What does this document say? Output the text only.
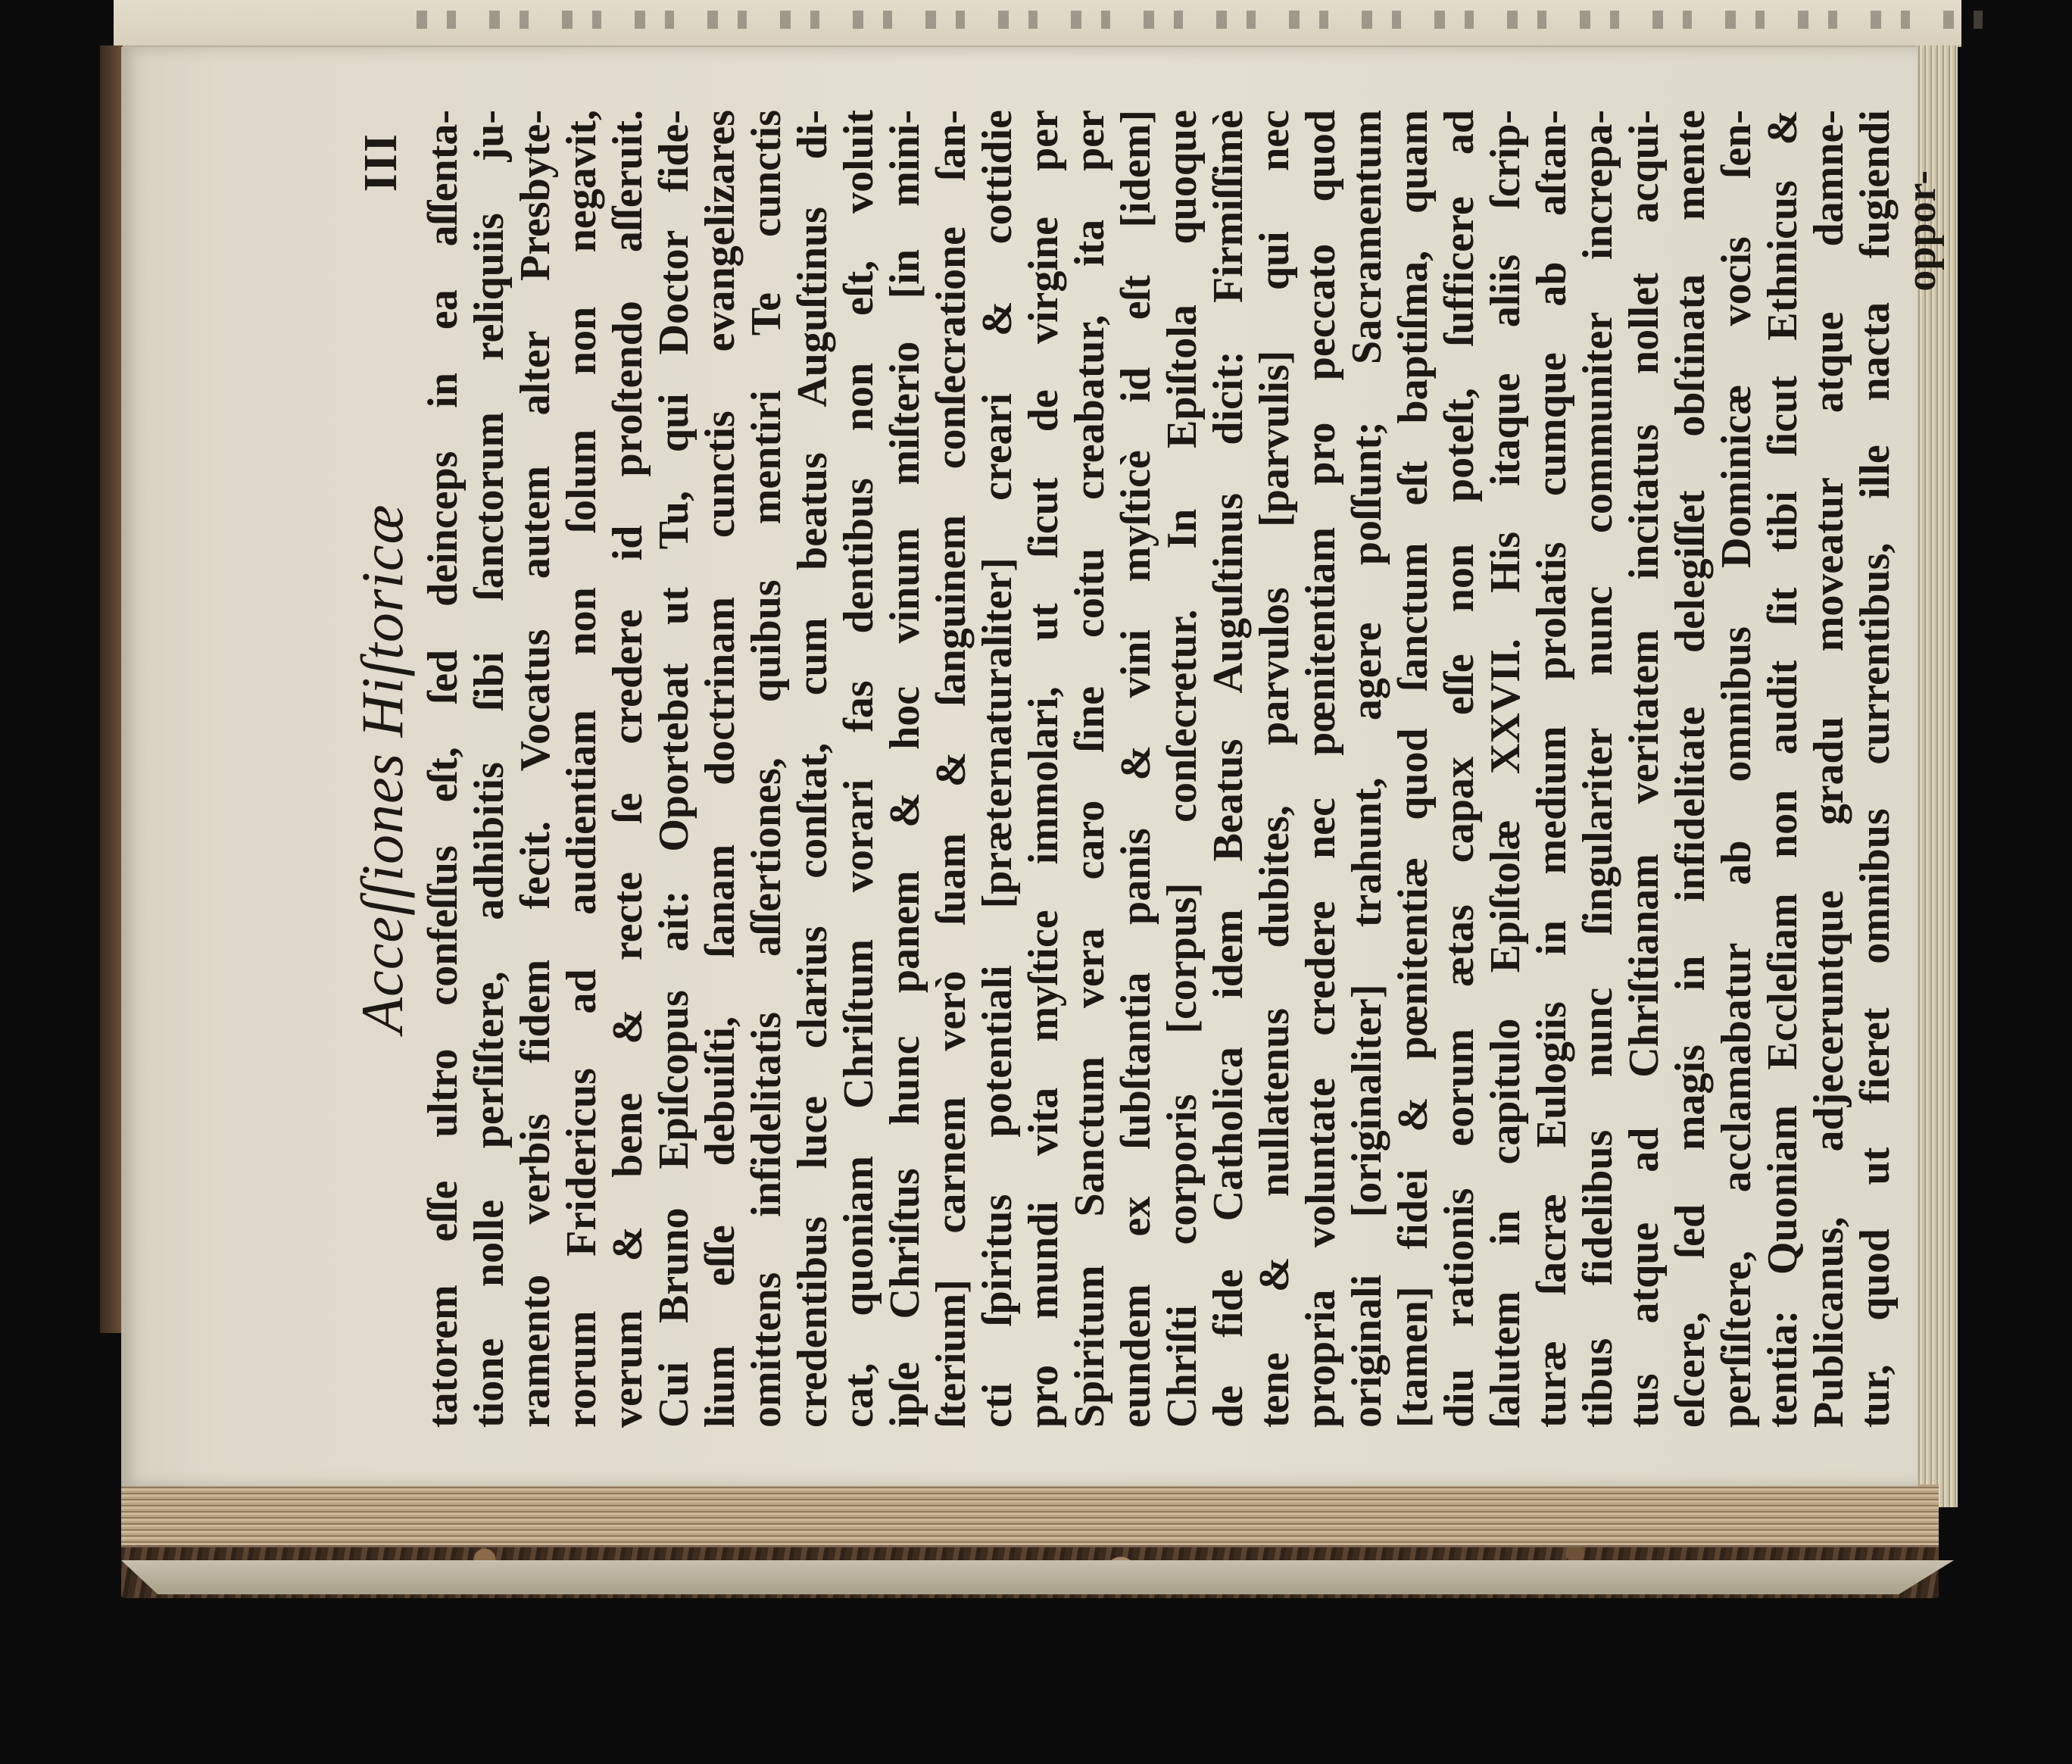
Acceſſiones Hiſtoricæ
III tatorem eſſe ultro confeſſus eſt, ſed deinceps in ea aſſenta- tione nolle perſiſtere, adhibitis ſibi ſanctorum reliquiis ju- ramento verbis fidem fecit. Vocatus autem alter Presbyte- rorum Fridericus ad audientiam non ſolum non negavit, verum & bene & recte ſe credere id proſtendo aſſeruit. Cui Bruno Epiſcopus ait: Oportebat ut Tu, qui Doctor fide- lium eſſe debuiſti, ſanam doctrinam cunctis evangelizares omittens infidelitatis aſſertiones, quibus mentiri Te cunctis credentibus luce clarius conſtat, cum beatus Auguſtinus di- cat, quoniam Chriſtum vorari fas dentibus non eſt, voluit ipſe Chriſtus hunc panem & hoc vinum miſterio [in mini- ſterium] carnem verò ſuam & ſanguinem conſecratione ſan- cti ſpiritus potentiali [præternaturaliter] creari & cottidie pro mundi vita myſtice immolari, ut ſicut de virgine per Spiritum Sanctum vera caro ſine coitu creabatur, ita per eundem ex ſubſtantia panis & vini myſticè id eſt [idem] Chriſti corporis [corpus] conſecretur. In Epiſtola quoque de fide Catholica idem Beatus Auguſtinus dicit: Firmiſſimè tene & nullatenus dubites, parvulos [parvulis] qui nec propria voluntate credere nec pœnitentiam pro peccato quod originali [originaliter] trahunt, agere poſſunt; Sacramentum [tamen] fidei & pœnitentiæ quod ſanctum eſt baptiſma, quam diu rationis eorum ætas capax eſſe non poteſt, ſufficere ad ſalutem in capitulo Epiſtolæ XXVII. His itaque aliis ſcrip- turæ ſacræ Eulogiis in medium prolatis cumque ab aſtan- tibus fidelibus nunc ſingulariter nunc communiter increpa- tus atque ad Chriſtianam veritatem incitatus nollet acqui- eſcere, ſed magis in infidelitate delegiſſet obſtinata mente perſiſtere, acclamabatur ab omnibus Dominicæ vocis ſen- tentia: Quoniam Eccleſiam non audit ſit tibi ſicut Ethnicus & Publicanus, adjeceruntque gradu moveatur atque damne- tur, quod ut fieret omnibus currentibus, ille nacta fugiendi oppor-
